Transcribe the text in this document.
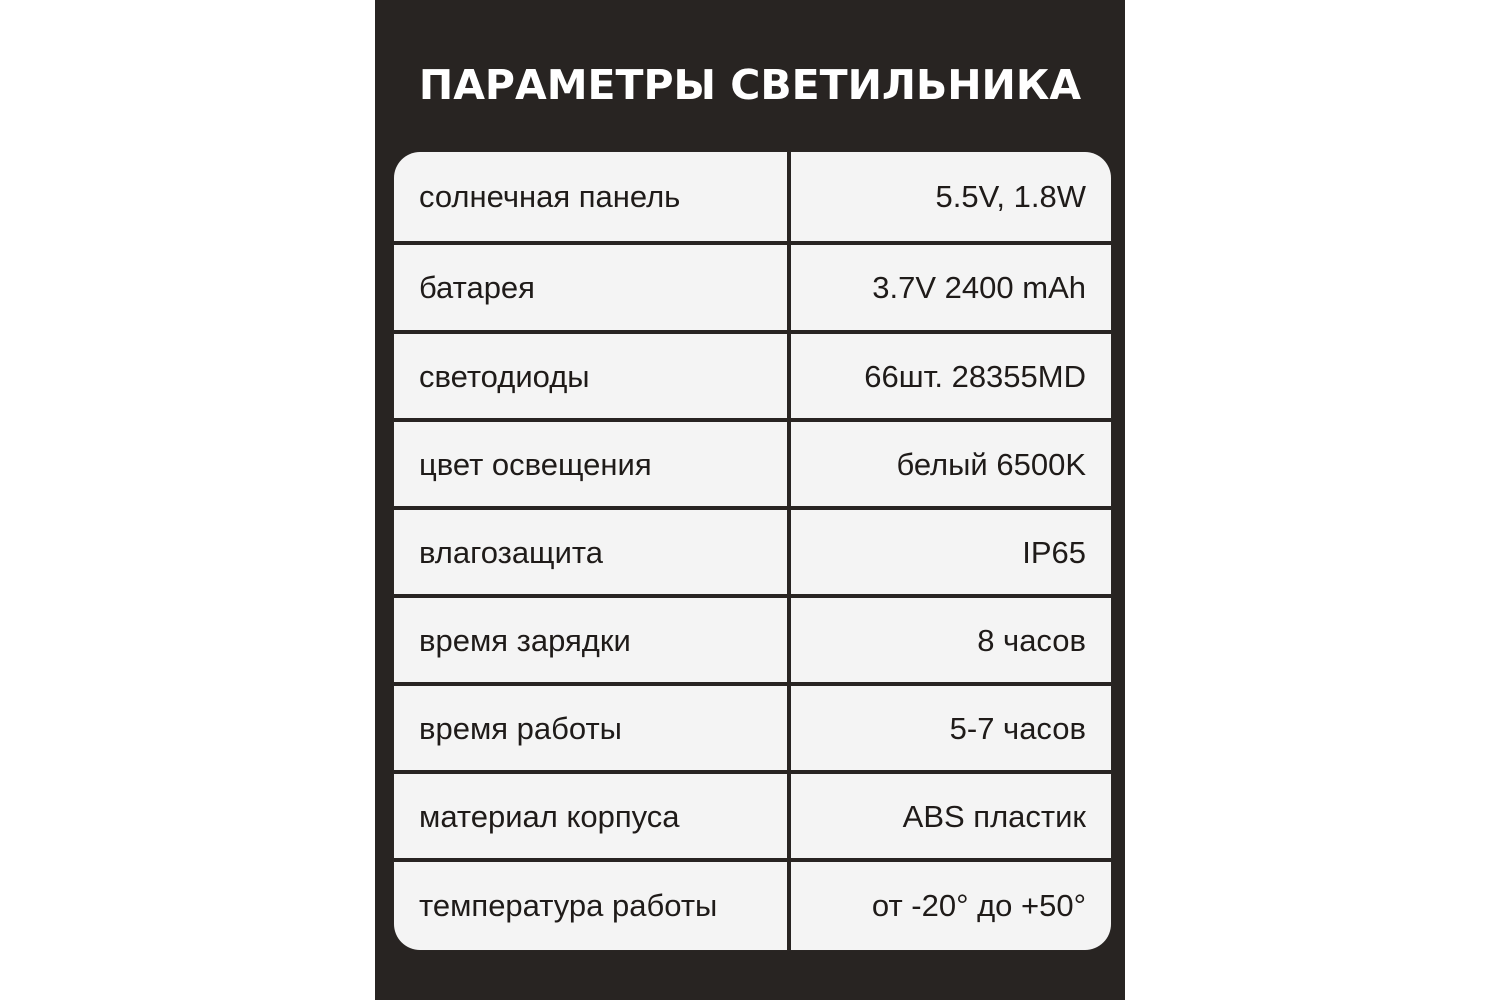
ПАРАМЕТРЫ СВЕТИЛЬНИКА
солнечная панель	5.5V, 1.8W
батарея	3.7V 2400 mAh
светодиоды	66шт. 28355MD
цвет освещения	белый 6500K
влагозащита	IP65
время зарядки	8 часов
время работы	5-7 часов
материал корпуса	ABS пластик
температура работы	от -20° до +50°
